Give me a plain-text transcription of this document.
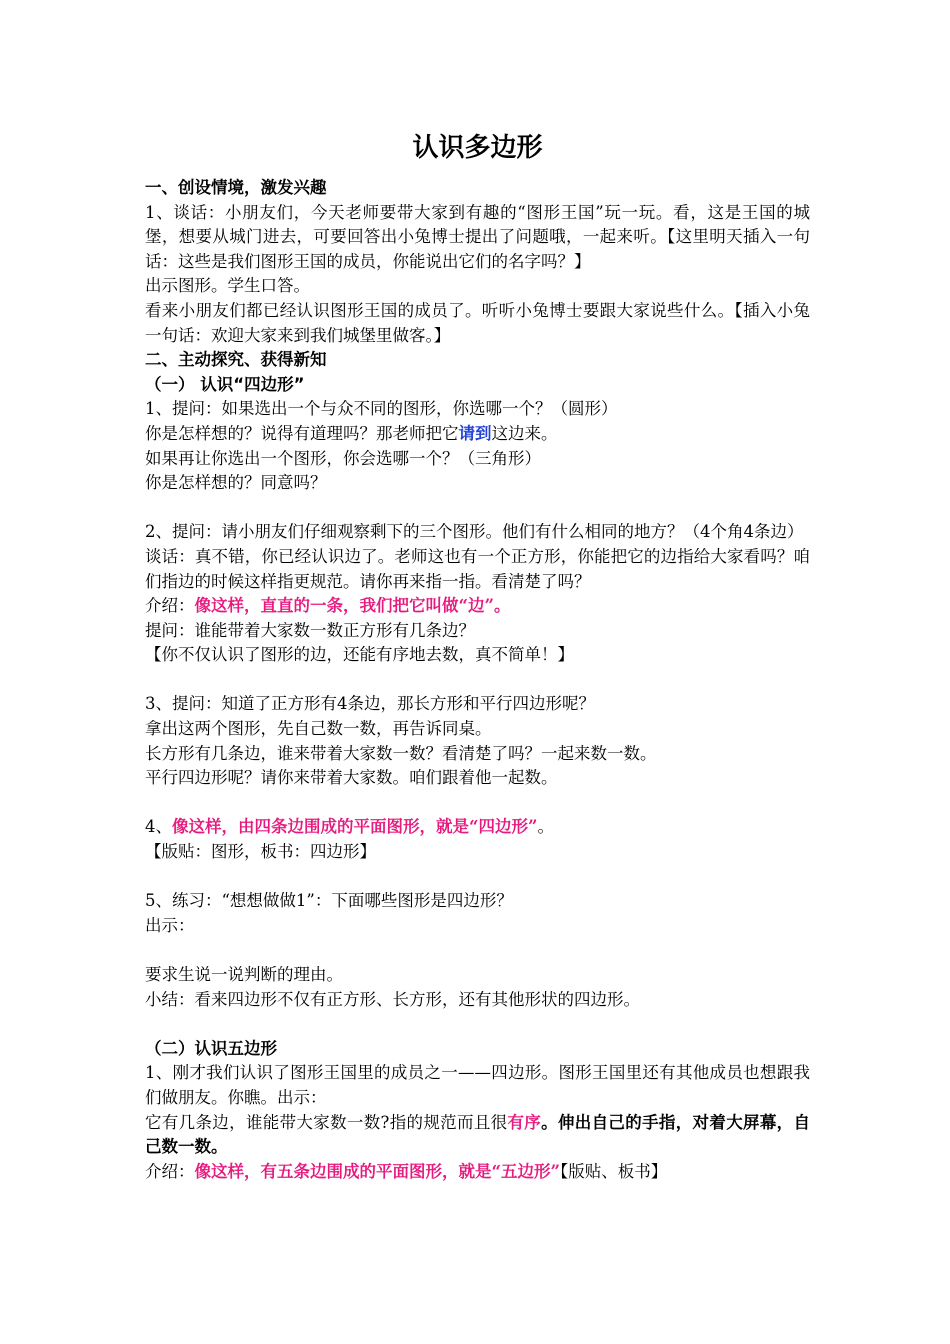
认识多边形

一、创设情境，激发兴趣

1、谈话：小朋友们，今天老师要带大家到有趣的“图形王国”玩一玩。看，这是王国的城堡，想要从城门进去，可要回答出小兔博士提出了问题哦，一起来听。【这里明天插入一句话：这些是我们图形王国的成员，你能说出它们的名字吗？】

出示图形。学生口答。

看来小朋友们都已经认识图形王国的成员了。听听小兔博士要跟大家说些什么。【插入小兔一句话：欢迎大家来到我们城堡里做客。】

二、主动探究、获得新知

（一） 认识“四边形”

1、提问：如果选出一个与众不同的图形，你选哪一个？（圆形）

你是怎样想的？说得有道理吗？那老师把它请到这边来。

如果再让你选出一个图形，你会选哪一个？（三角形）

你是怎样想的？同意吗？

2、提问：请小朋友们仔细观察剩下的三个图形。他们有什么相同的地方？（4个角4条边）

谈话：真不错，你已经认识边了。老师这也有一个正方形，你能把它的边指给大家看吗？咱们指边的时候这样指更规范。请你再来指一指。看清楚了吗？

介绍：像这样，直直的一条，我们把它叫做“边”。

提问：谁能带着大家数一数正方形有几条边？

【你不仅认识了图形的边，还能有序地去数，真不简单！】

3、提问：知道了正方形有4条边，那长方形和平行四边形呢？

拿出这两个图形，先自己数一数，再告诉同桌。

长方形有几条边，谁来带着大家数一数？看清楚了吗？一起来数一数。

平行四边形呢？请你来带着大家数。咱们跟着他一起数。

4、像这样，由四条边围成的平面图形，就是“四边形”。

【版贴：图形，板书：四边形】

5、练习：“想想做做1”：下面哪些图形是四边形？

出示：

要求生说一说判断的理由。

小结：看来四边形不仅有正方形、长方形，还有其他形状的四边形。

（二）认识五边形

1、刚才我们认识了图形王国里的成员之一——四边形。图形王国里还有其他成员也想跟我们做朋友。你瞧。出示：

它有几条边，谁能带大家数一数?指的规范而且很有序。伸出自己的手指，对着大屏幕，自己数一数。

介绍：像这样，有五条边围成的平面图形，就是“五边形”【版贴、板书】
